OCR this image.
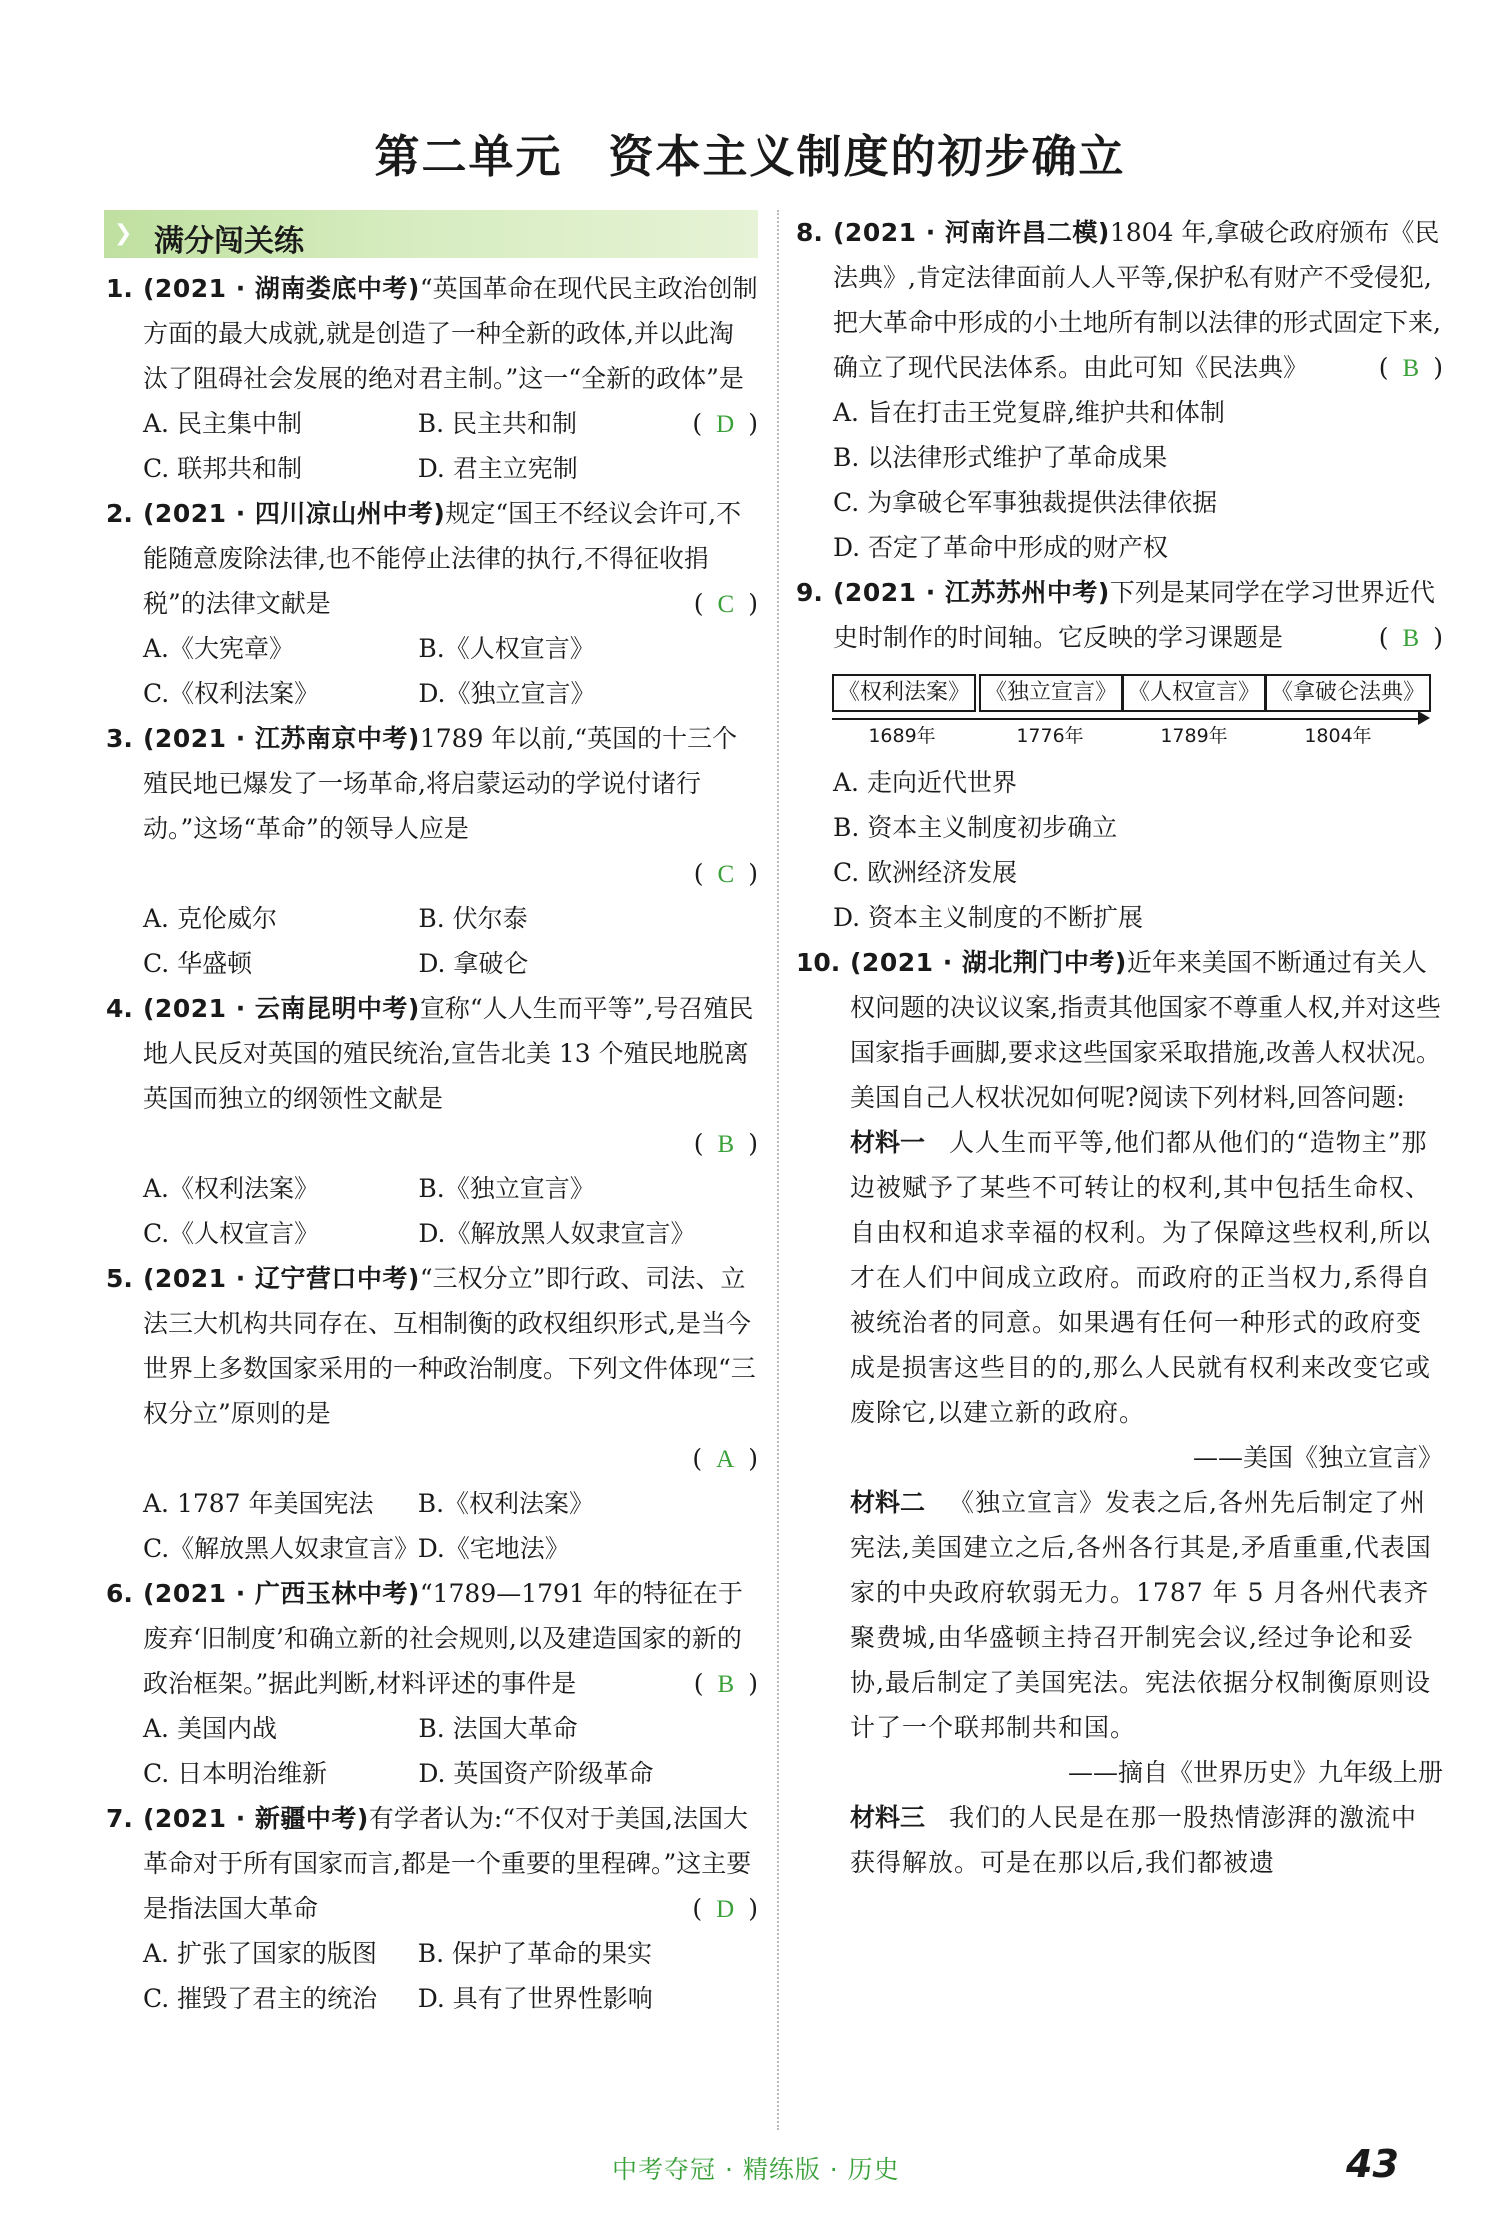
第二单元 资本主义制度的初步确立
❯ 满分闯关练
1. (2021 · 湖南娄底中考)“英国革命在现代民主政治创制方面的最大成就,就是创造了一种全新的政体,并以此淘汰了阻碍社会发展的绝对君主制。”这一“全新的政体”是
(D)
A. 民主集中制	B. 民主共和制
C. 联邦共和制	D. 君主立宪制
2. (2021 · 四川凉山州中考)规定“国王不经议会许可,不能随意废除法律,也不能停止法律的执行,不得征收捐税”的法律文献是	(C)
A.《大宪章》	B.《人权宣言》
C.《权利法案》	D.《独立宣言》
3. (2021 · 江苏南京中考)1789 年以前,“英国的十三个殖民地已爆发了一场革命,将启蒙运动的学说付诸行动。”这场“革命”的领导人应是
(C)
A. 克伦威尔	B. 伏尔泰
C. 华盛顿	D. 拿破仑
4. (2021 · 云南昆明中考)宣称“人人生而平等”,号召殖民地人民反对英国的殖民统治,宣告北美 13 个殖民地脱离英国而独立的纲领性文献是
(B)
A.《权利法案》	B.《独立宣言》
C.《人权宣言》	D.《解放黑人奴隶宣言》
5. (2021 · 辽宁营口中考)“三权分立”即行政、司法、立法三大机构共同存在、互相制衡的政权组织形式,是当今世界上多数国家采用的一种政治制度。下列文件体现“三权分立”原则的是
(A)
A. 1787 年美国宪法	B.《权利法案》
C.《解放黑人奴隶宣言》
D.《宅地法》
6. (2021 · 广西玉林中考)“1789—1791 年的特征在于废弃‘旧制度’和确立新的社会规则,以及建造国家的新的政治框架。”据此判断,材料评述的事件是	(B)
A. 美国内战	B. 法国大革命
C. 日本明治维新	D. 英国资产阶级革命
7. (2021 · 新疆中考)有学者认为:“不仅对于美国,法国大革命对于所有国家而言,都是一个重要的里程碑。”这主要是指法国大革命	(D)
A. 扩张了国家的版图	B. 保护了革命的果实
C. 摧毁了君主的统治	D. 具有了世界性影响
8. (2021 · 河南许昌二模)1804 年,拿破仑政府颁布《民法典》,肯定法律面前人人平等,保护私有财产不受侵犯,把大革命中形成的小土地所有制以法律的形式固定下来,确立了现代民法体系。由此可知《民法典》	(B)
A. 旨在打击王党复辟,维护共和体制
B. 以法律形式维护了革命成果
C. 为拿破仑军事独裁提供法律依据
D. 否定了革命中形成的财产权
9. (2021 · 江苏苏州中考)下列是某同学在学习世界近代史时制作的时间轴。它反映的学习课题是	(B)
《权利法案》 《独立宣言》 《人权宣言》 《拿破仑法典》
1689年	1776年	1789年	1804年
A. 走向近代世界
B. 资本主义制度初步确立
C. 欧洲经济发展
D. 资本主义制度的不断扩展
10. (2021 · 湖北荆门中考)近年来美国不断通过有关人权问题的决议议案,指责其他国家不尊重人权,并对这些国家指手画脚,要求这些国家采取措施,改善人权状况。美国自己人权状况如何呢?阅读下列材料,回答问题:
材料一 人人生而平等,他们都从他们的“造物主”那边被赋予了某些不可转让的权利,其中包括生命权、自由权和追求幸福的权利。为了保障这些权利,所以才在人们中间成立政府。而政府的正当权力,系得自被统治者的同意。如果遇有任何一种形式的政府变成是损害这些目的的,那么人民就有权利来改变它或废除它,以建立新的政府。
——美国《独立宣言》
材料二 《独立宣言》发表之后,各州先后制定了州宪法,美国建立之后,各州各行其是,矛盾重重,代表国家的中央政府软弱无力。1787 年 5 月各州代表齐聚费城,由华盛顿主持召开制宪会议,经过争论和妥协,最后制定了美国宪法。宪法依据分权制衡原则设计了一个联邦制共和国。
——摘自《世界历史》九年级上册
材料三 我们的人民是在那一股热情澎湃的激流中获得解放。可是在那以后,我们都被遗
中考夺冠 · 精练版 · 历史	43
